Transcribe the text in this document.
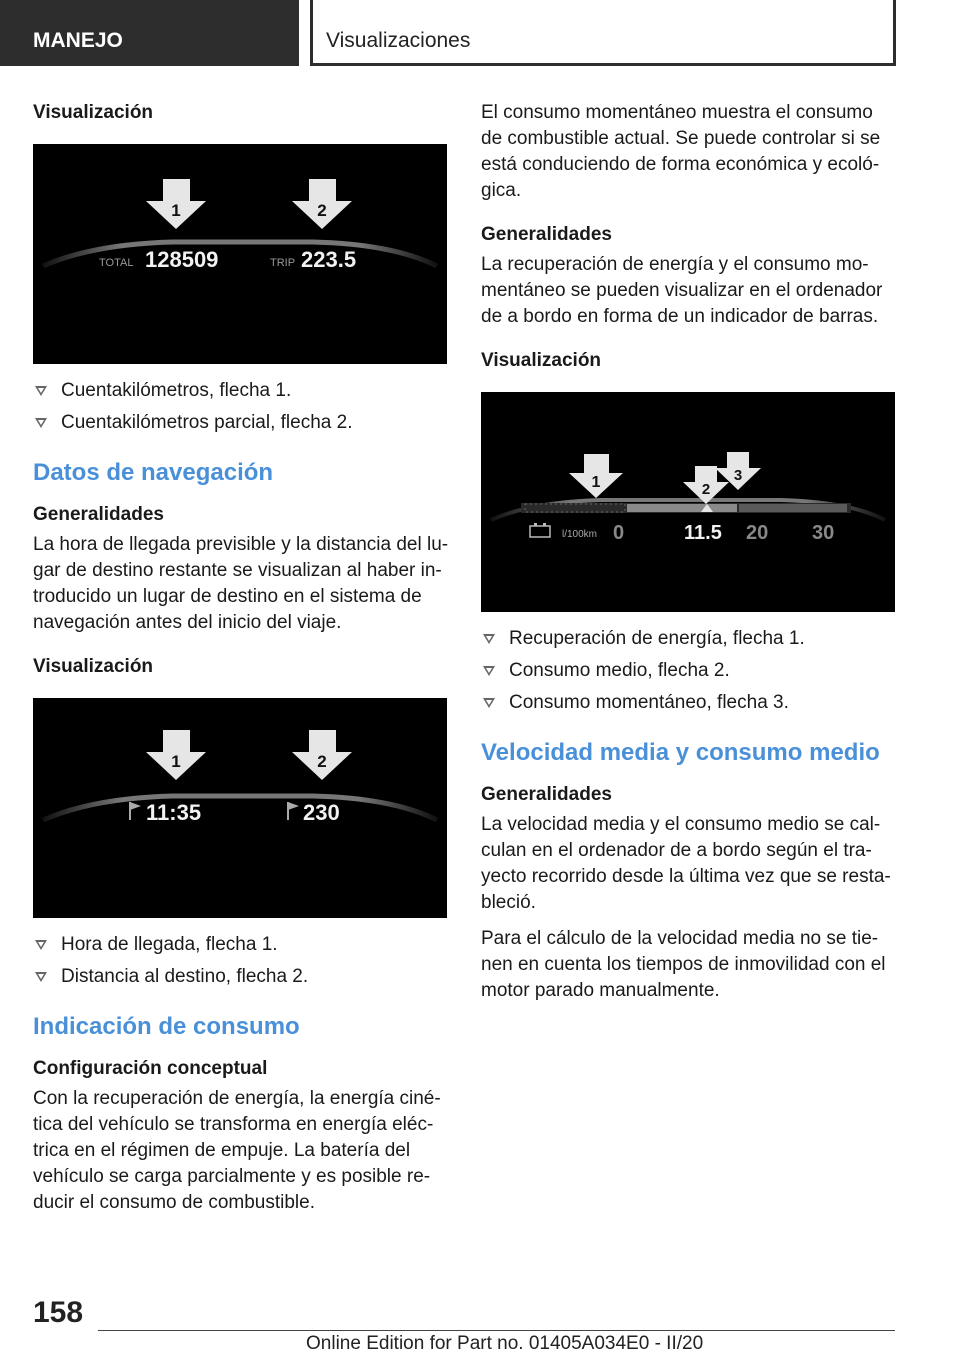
MANEJO	Visualizaciones

Visualización

1	2
TOTAL 128509	TRIP 223.5
Cuentakilómetros, flecha 1.
Cuentakilómetros parcial, flecha 2.

Datos de navegación

Generalidades

La hora de llegada previsible y la distancia del lu-gar de destino restante se visualizan al haber in-troducido un lugar de destino en el sistema de navegación antes del inicio del viaje.

Visualización

1	2
11:35	230
Hora de llegada, flecha 1.
Distancia al destino, flecha 2.

Indicación de consumo

Configuración conceptual

Con la recuperación de energía, la energía ciné-tica del vehículo se transforma en energía eléc-trica en el régimen de empuje. La batería del vehículo se carga parcialmente y es posible re-ducir el consumo de combustible.

El consumo momentáneo muestra el consumo de combustible actual. Se puede controlar si se está conduciendo de forma económica y ecoló-gica.

Generalidades

La recuperación de energía y el consumo mo-mentáneo se pueden visualizar en el ordenador de a bordo en forma de un indicador de barras.

Visualización

1	2
3
l/100km 0	11.5 20 30
Recuperación de energía, flecha 1.
Consumo medio, flecha 2.
Consumo momentáneo, flecha 3.

Velocidad media y consumo medio

Generalidades

La velocidad media y el consumo medio se cal-culan en el ordenador de a bordo según el tra-yecto recorrido desde la última vez que se resta-bleció.

Para el cálculo de la velocidad media no se tie-nen en cuenta los tiempos de inmovilidad con el motor parado manualmente.

158
Online Edition for Part no. 01405A034E0 - II/20
